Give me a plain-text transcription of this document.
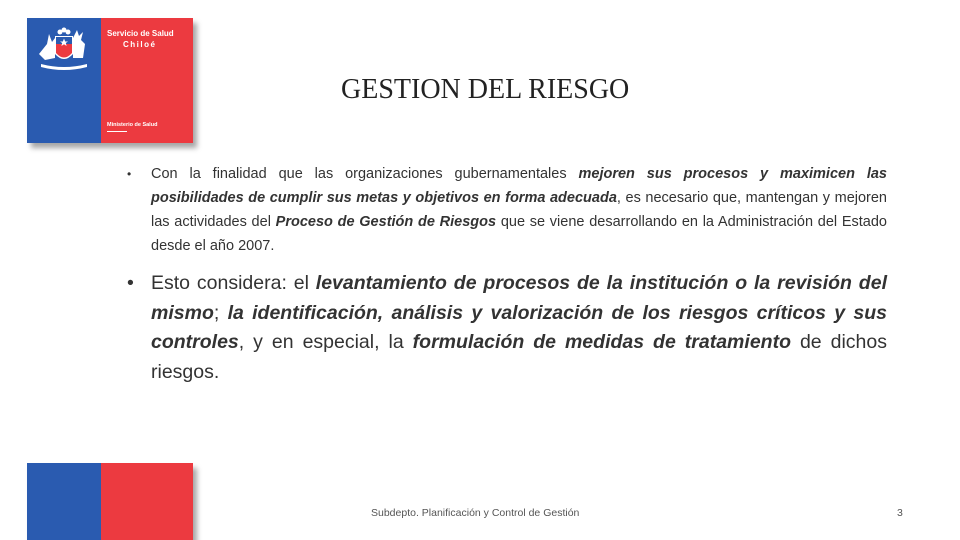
Servicio de Salud
Chiloé
Ministerio de Salud
GESTION DEL RIESGO
• Con la finalidad que las organizaciones gubernamentales mejoren sus procesos y maximicen las posibilidades de cumplir sus metas y objetivos en forma adecuada, es necesario que, mantengan y mejoren las actividades del Proceso de Gestión de Riesgos que se viene desarrollando en la Administración del Estado desde el año 2007.
• Esto considera: el levantamiento de procesos de la institución o la revisión del mismo; la identificación, análisis y valorización de los riesgos críticos y sus controles, y en especial, la formulación de medidas de tratamiento de dichos riesgos.
Subdepto. Planificación y Control de Gestión	3
